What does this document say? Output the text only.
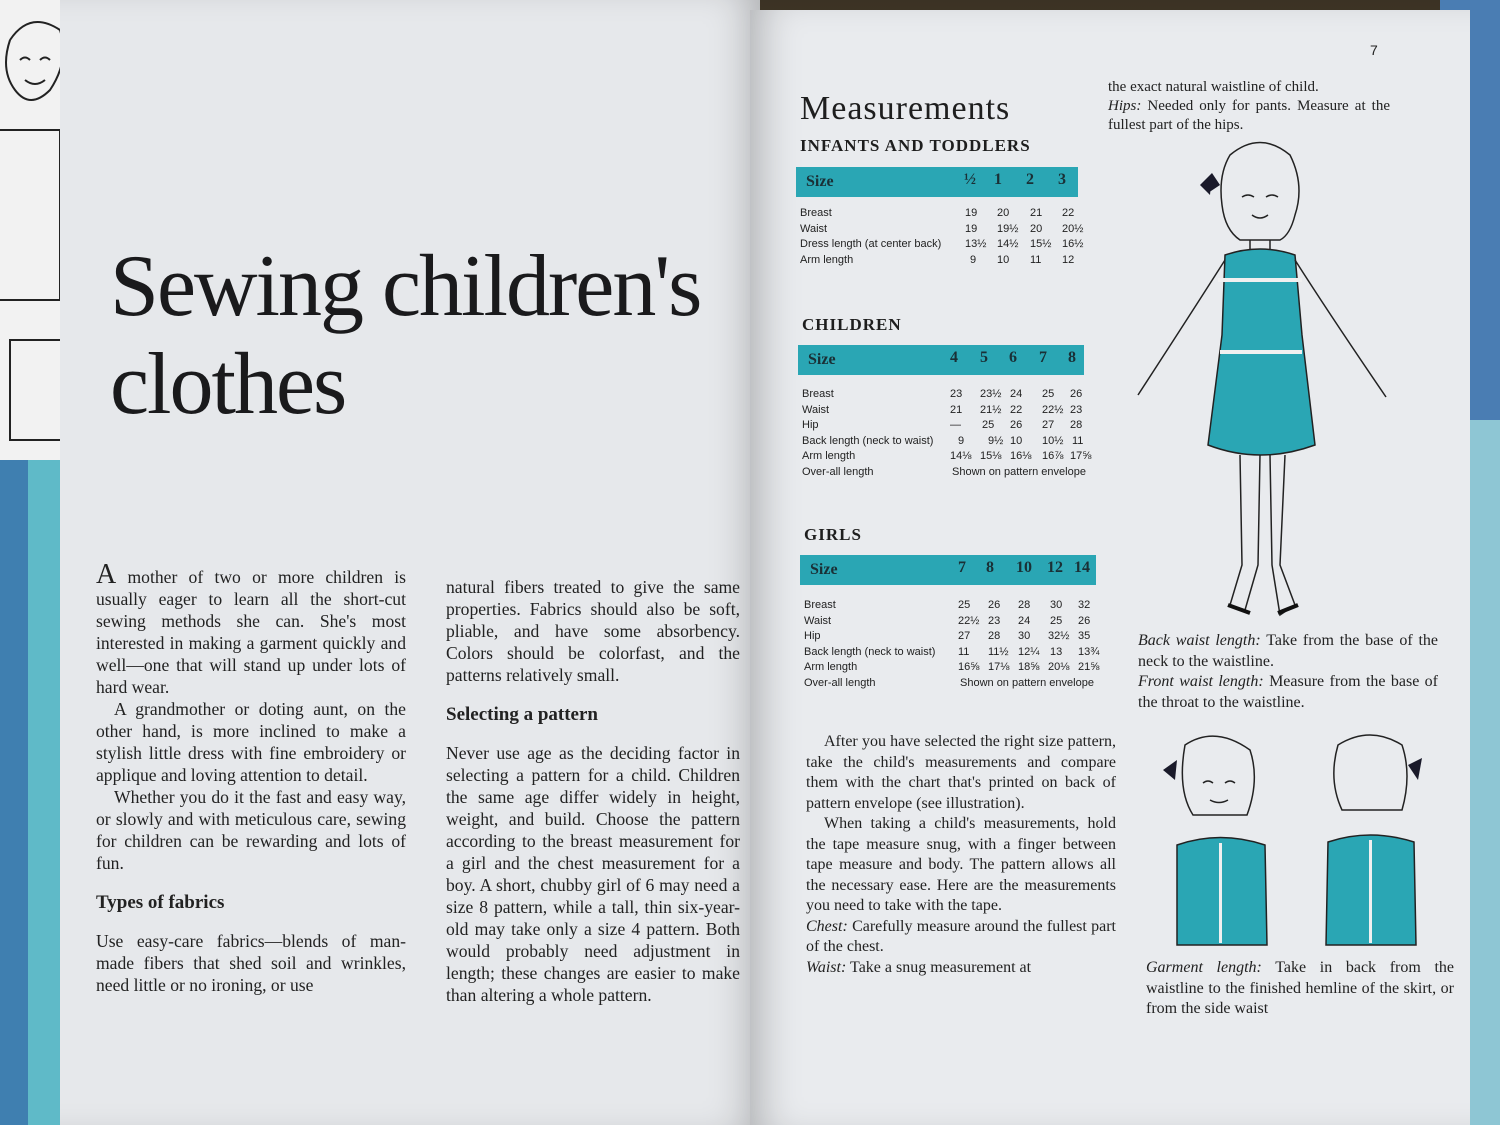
Sewing children's
clothes

A mother of two or more children is usually eager to learn all the short-cut sewing methods she can. She's most interested in making a garment quickly and well—one that will stand up under lots of hard wear.

A grandmother or doting aunt, on the other hand, is more inclined to make a stylish little dress with fine embroidery or applique and loving attention to detail.

Whether you do it the fast and easy way, or slowly and with meticulous care, sewing for children can be rewarding and lots of fun.

Types of fabrics

Use easy-care fabrics—blends of man-made fibers that shed soil and wrinkles, need little or no ironing, or use

natural fibers treated to give the same properties. Fabrics should also be soft, pliable, and have some absorbency. Colors should be colorfast, and the patterns relatively small.

Selecting a pattern

Never use age as the deciding factor in selecting a pattern for a child. Children the same age differ widely in height, weight, and build. Choose the pattern according to the breast measurement for a girl and the chest measurement for a boy. A short, chubby girl of 6 may need a size 8 pattern, while a tall, thin six-year-old may take only a size 4 pattern. Both would probably need adjustment in length; these changes are easier to make than altering a whole pattern.

7
Measurements

the exact natural waistline of child.

Hips: Needed only for pants. Measure at the fullest part of the hips.

INFANTS AND TODDLERS
Size	½ 1 2 3
Breast	19 20 21 22
Waist	19 19½ 20 20½
Dress length (at center back) 13½ 14½ 15½ 16½
Arm length	9 10 11 12
CHILDREN
Size	4 5 6 7 8
Breast	23 23½ 24 25 26
Waist	21 21½ 22 22½ 23
Hip	— 25 26 27 28
Back length (neck to waist) 9 9½ 10 10½ 11
Arm length	14⅛ 15⅛ 16⅛ 16⅞ 17⅝
Over-all length	Shown on pattern envelope
GIRLS
Size	7 8 10 12 14
Breast	25 26 28 30 32
Waist	22½ 23 24 25 26
Hip	27 28 30 32½ 35
Back length (neck to waist) 11 11½ 12¼ 13 13¾
Arm length	16⅝ 17⅛ 18⅝ 20⅛ 21⅝
Over-all length	Shown on pattern envelope

After you have selected the right size pattern, take the child's measurements and compare them with the chart that's printed on back of pattern envelope (see illustration).

When taking a child's measurements, hold the tape measure snug, with a finger between tape measure and body. The pattern allows all the necessary ease. Here are the measurements you need to take with the tape.

Chest: Carefully measure around the fullest part of the chest.

Waist: Take a snug measurement at

Back waist length: Take from the base of the neck to the waistline.

Front waist length: Measure from the base of the throat to the waistline.

Garment length: Take in back from the waistline to the finished hemline of the skirt, or from the side waist
